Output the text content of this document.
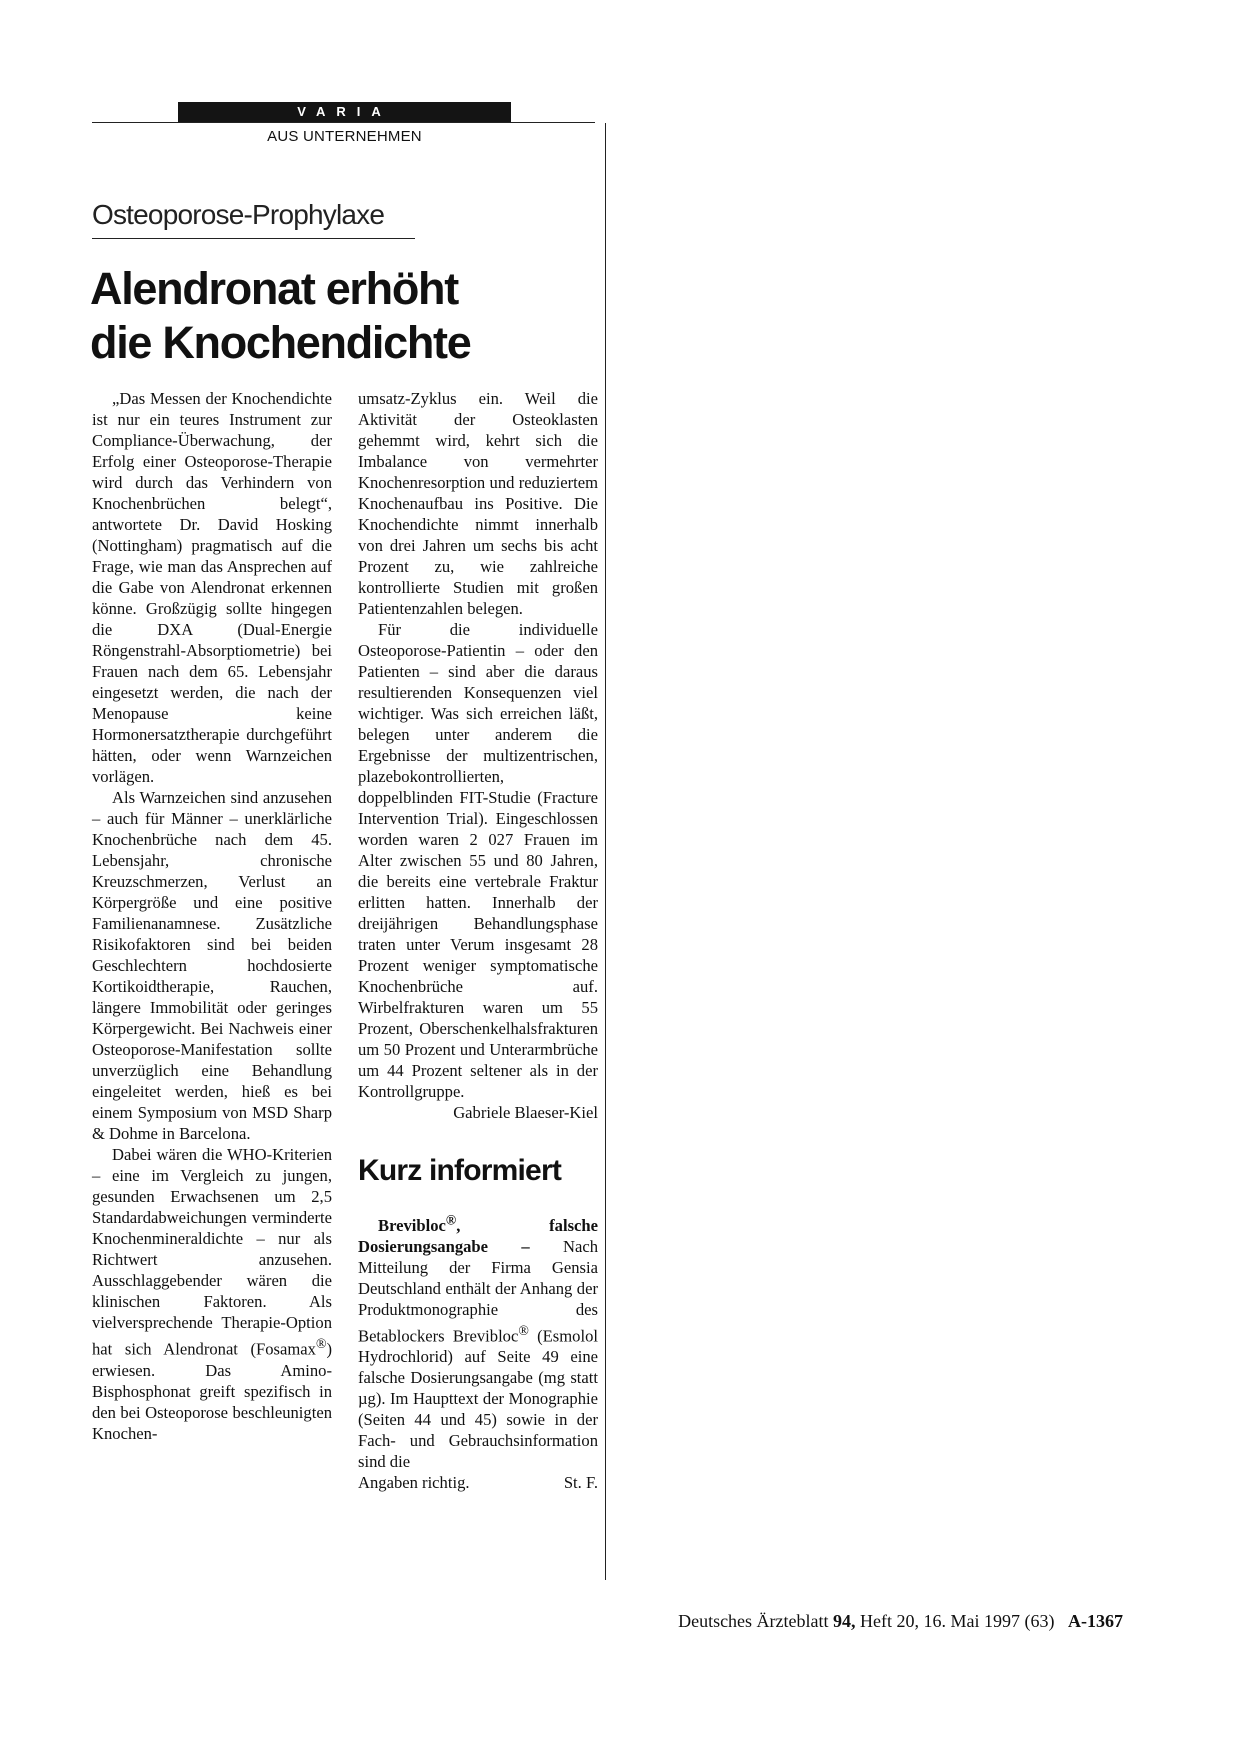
VARIA
AUS UNTERNEHMEN
Osteoporose-Prophylaxe
Alendronat erhöht
die Knochendichte

„Das Messen der Knochendichte ist nur ein teures Instrument zur Compliance-Überwachung, der Erfolg einer Osteoporose-Therapie wird durch das Verhindern von Knochenbrüchen belegt“, antwortete Dr. David Hosking (Nottingham) pragmatisch auf die Frage, wie man das Ansprechen auf die Gabe von Alendronat erkennen könne. Großzügig sollte hingegen die DXA (Dual-Energie Röngenstrahl-Absorptiometrie) bei Frauen nach dem 65. Lebensjahr eingesetzt werden, die nach der Menopause keine Hormonersatztherapie durchgeführt hätten, oder wenn Warnzeichen vorlägen.

Als Warnzeichen sind anzusehen – auch für Männer – unerklärliche Knochenbrüche nach dem 45. Lebensjahr, chronische Kreuzschmerzen, Verlust an Körpergröße und eine positive Familienanamnese. Zusätzliche Risikofaktoren sind bei beiden Geschlechtern hochdosierte Kortikoidtherapie, Rauchen, längere Immobilität oder geringes Körpergewicht. Bei Nachweis einer Osteoporose-Manifestation sollte unverzüglich eine Behandlung eingeleitet werden, hieß es bei einem Symposium von MSD Sharp & Dohme in Barcelona.

Dabei wären die WHO-Kriterien – eine im Vergleich zu jungen, gesunden Erwachsenen um 2,5 Standardabweichungen verminderte Knochenmineraldichte – nur als Richtwert anzusehen. Ausschlaggebender wären die klinischen Faktoren. Als vielversprechende Therapie-Option hat sich Alendronat (Fosamax®) erwiesen. Das Amino-Bisphosphonat greift spezifisch in den bei Osteoporose beschleunigten Knochen-

umsatz-Zyklus ein. Weil die Aktivität der Osteoklasten gehemmt wird, kehrt sich die Imbalance von vermehrter Knochenresorption und reduziertem Knochenaufbau ins Positive. Die Knochendichte nimmt innerhalb von drei Jahren um sechs bis acht Prozent zu, wie zahlreiche kontrollierte Studien mit großen Patientenzahlen belegen.

Für die individuelle Osteoporose-Patientin – oder den Patienten – sind aber die daraus resultierenden Konsequenzen viel wichtiger. Was sich erreichen läßt, belegen unter anderem die Ergebnisse der multizentrischen, plazebokontrollierten, doppelblinden FIT-Studie (Fracture Intervention Trial). Eingeschlossen worden waren 2 027 Frauen im Alter zwischen 55 und 80 Jahren, die bereits eine vertebrale Fraktur erlitten hatten. Innerhalb der dreijährigen Behandlungsphase traten unter Verum insgesamt 28 Prozent weniger symptomatische Knochenbrüche auf. Wirbelfrakturen waren um 55 Prozent, Oberschenkelhalsfrakturen um 50 Prozent und Unterarmbrüche um 44 Prozent seltener als in der Kontrollgruppe.

Gabriele Blaeser-Kiel

Kurz informiert

Brevibloc®, falsche Dosierungsangabe – Nach Mitteilung der Firma Gensia Deutschland enthält der Anhang der Produktmonographie des Betablockers Brevibloc® (Esmolol Hydrochlorid) auf Seite 49 eine falsche Dosierungsangabe (mg statt µg). Im Haupttext der Monographie (Seiten 44 und 45) sowie in der Fach- und Gebrauchsinformation sind die

Angaben richtig.	St. F.
Deutsches Ärzteblatt 94, Heft 20, 16. Mai 1997 (63) A-1367
